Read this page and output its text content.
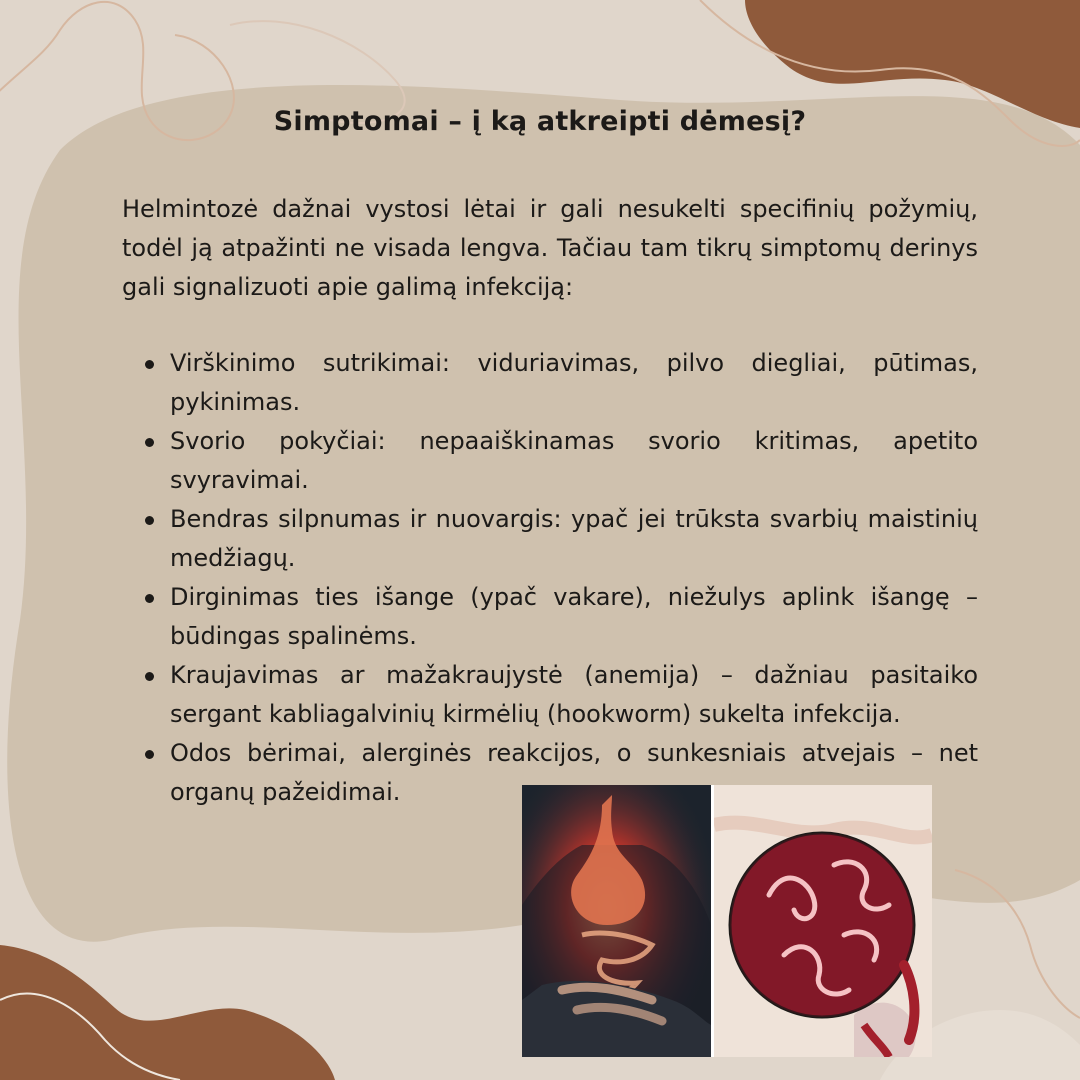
Simptomai – į ką atkreipti dėmesį?

Helmintozė dažnai vystosi lėtai ir gali nesukelti specifinių požymių, todėl ją atpažinti ne visada lengva. Tačiau tam tikrų simptomų derinys gali signalizuoti apie galimą infekciją:

Virškinimo sutrikimai: viduriavimas, pilvo diegliai, pūtimas, pykinimas.
Svorio pokyčiai: nepaaiškinamas svorio kritimas, apetito svyravimai.
Bendras silpnumas ir nuovargis: ypač jei trūksta svarbių maistinių medžiagų.
Dirginimas ties išange (ypač vakare), niežulys aplink išangę – būdingas spalinėms.
Kraujavimas ar mažakraujystė (anemija) – dažniau pasitaiko sergant kabliagalvinių kirmėlių (hookworm) sukelta infekcija.
Odos bėrimai, alerginės reakcijos, o sunkesniais atvejais – net organų pažeidimai.
